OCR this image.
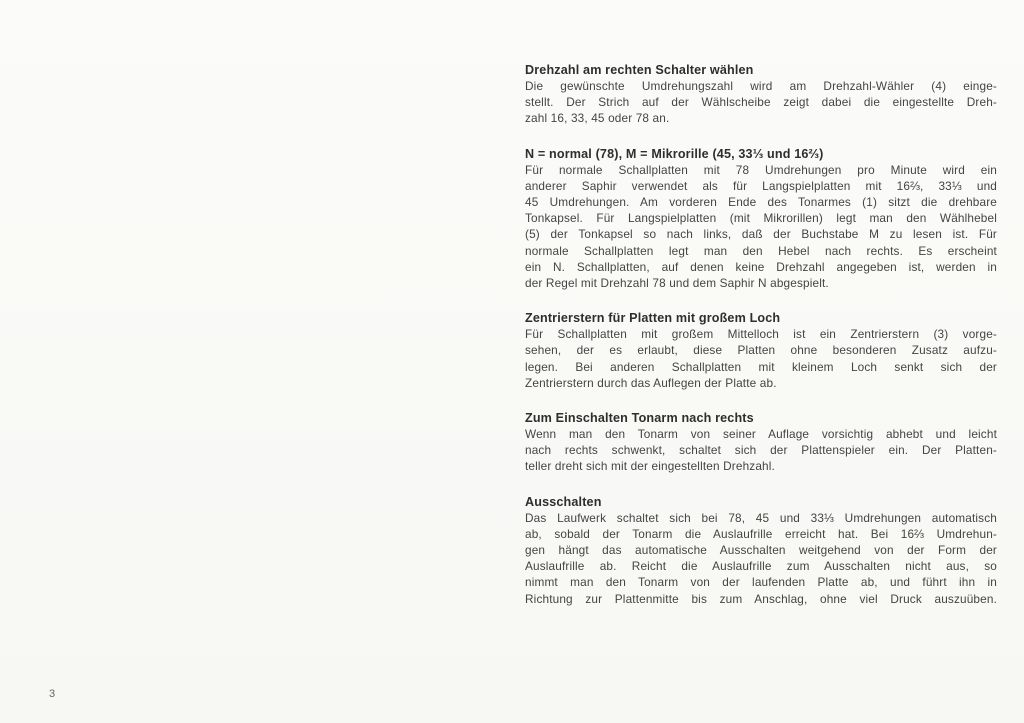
3
Drehzahl am rechten Schalter wählen
Die gewünschte Umdrehungszahl wird am Drehzahl-Wähler (4) einge-
stellt. Der Strich auf der Wählscheibe zeigt dabei die eingestellte Dreh-
zahl 16, 33, 45 oder 78 an.
N = normal (78), M = Mikrorille (45, 33⅓ und 16⅔)
Für normale Schallplatten mit 78 Umdrehungen pro Minute wird ein
anderer Saphir verwendet als für Langspielplatten mit 16⅔, 33⅓ und
45 Umdrehungen. Am vorderen Ende des Tonarmes (1) sitzt die drehbare
Tonkapsel. Für Langspielplatten (mit Mikrorillen) legt man den Wählhebel
(5) der Tonkapsel so nach links, daß der Buchstabe M zu lesen ist. Für
normale Schallplatten legt man den Hebel nach rechts. Es erscheint
ein N. Schallplatten, auf denen keine Drehzahl angegeben ist, werden in
der Regel mit Drehzahl 78 und dem Saphir N abgespielt.
Zentrierstern für Platten mit großem Loch
Für Schallplatten mit großem Mittelloch ist ein Zentrierstern (3) vorge-
sehen, der es erlaubt, diese Platten ohne besonderen Zusatz aufzu-
legen. Bei anderen Schallplatten mit kleinem Loch senkt sich der
Zentrierstern durch das Auflegen der Platte ab.
Zum Einschalten Tonarm nach rechts
Wenn man den Tonarm von seiner Auflage vorsichtig abhebt und leicht
nach rechts schwenkt, schaltet sich der Plattenspieler ein. Der Platten-
teller dreht sich mit der eingestellten Drehzahl.
Ausschalten
Das Laufwerk schaltet sich bei 78, 45 und 33⅓ Umdrehungen automatisch
ab, sobald der Tonarm die Auslaufrille erreicht hat. Bei 16⅔ Umdrehun-
gen hängt das automatische Ausschalten weitgehend von der Form der
Auslaufrille ab. Reicht die Auslaufrille zum Ausschalten nicht aus, so
nimmt man den Tonarm von der laufenden Platte ab, und führt ihn in
Richtung zur Plattenmitte bis zum Anschlag, ohne viel Druck auszuüben.
